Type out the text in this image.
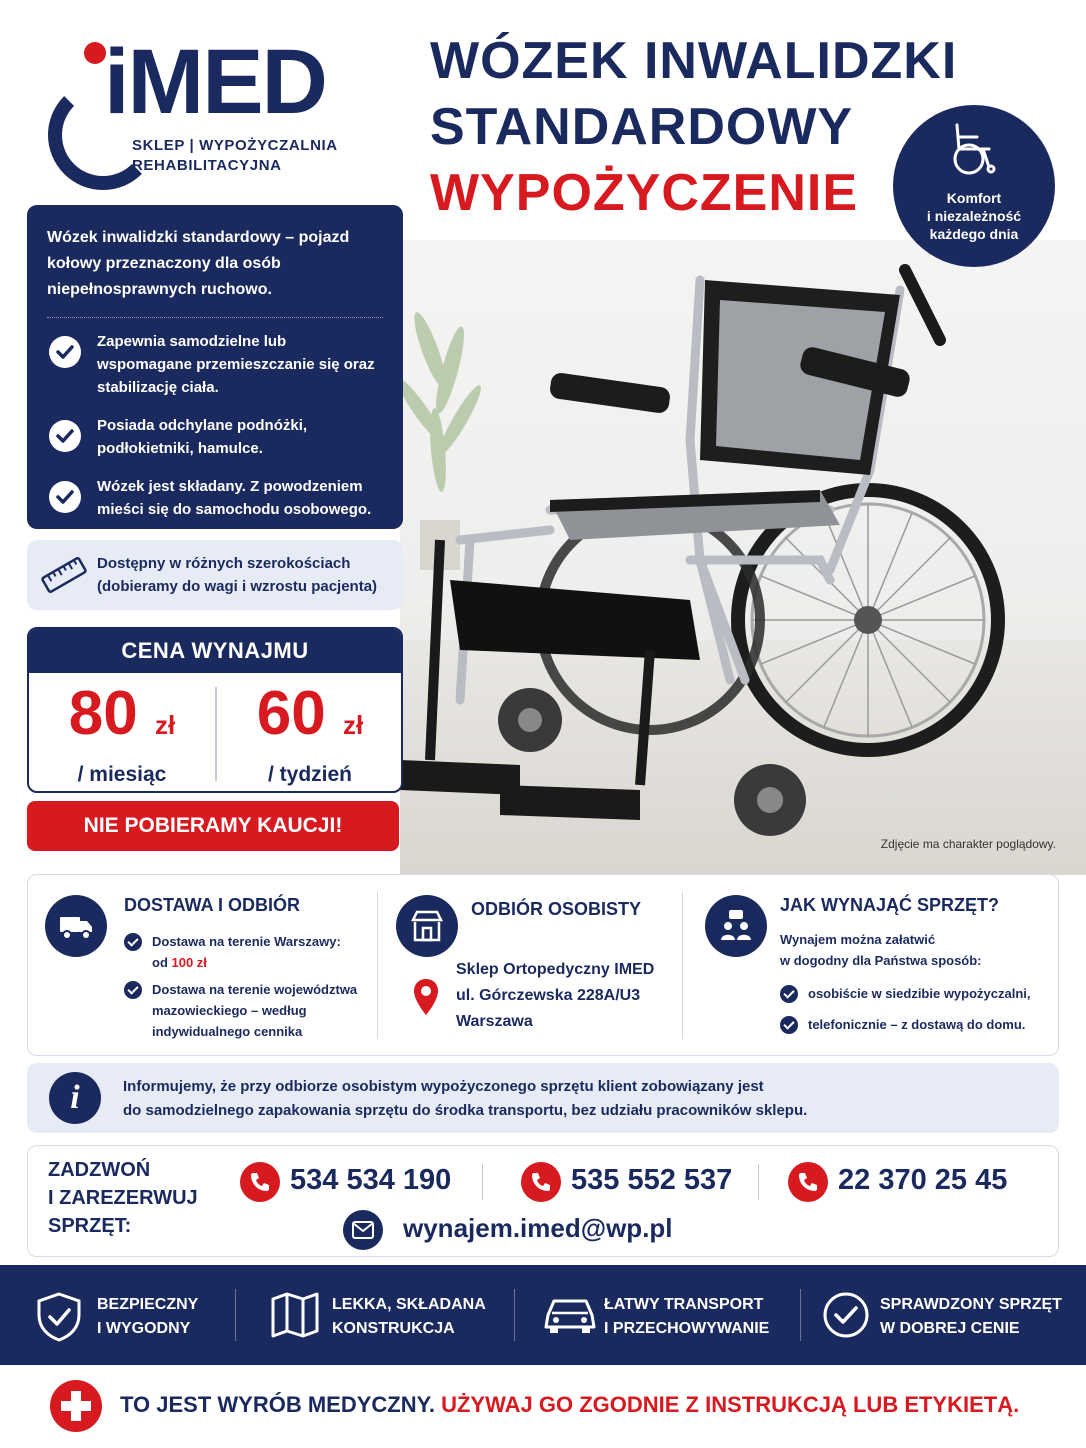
iMED
SKLEP | WYPOŻYCZALNIA
REHABILITACYJNA
WÓZEK INWALIDZKI
STANDARDOWY
WYPOŻYCZENIE
Zdjęcie ma charakter poglądowy.
Komfort
i niezależność
każdego dnia
Wózek inwalidzki standardowy – pojazd kołowy przeznaczony dla osób niepełnosprawnych ruchowo.
Zapewnia samodzielne lub wspomagane przemieszczanie się oraz stabilizację ciała.
Posiada odchylane podnóżki, podłokietniki, hamulce.
Wózek jest składany. Z powodzeniem mieści się do samochodu osobowego.
Dostępny w różnych szerokościach
(dobieramy do wagi i wzrostu pacjenta)
CENA WYNAJMU
80 zł
/ miesiąc
60 zł
/ tydzień
NIE POBIERAMY KAUCJI!
DOSTAWA I ODBIÓR
Dostawa na terenie Warszawy:
od 100 zł
Dostawa na terenie województwa
mazowieckiego – według
indywidualnego cennika
ODBIÓR OSOBISTY
Sklep Ortopedyczny IMED
ul. Górczewska 228A/U3
Warszawa
JAK WYNAJĄĆ SPRZĘT?
Wynajem można załatwić
w dogodny dla Państwa sposób:
osobiście w siedzibie wypożyczalni,
telefonicznie – z dostawą do domu.
i	Informujemy, że przy odbiorze osobistym wypożyczonego sprzętu klient zobowiązany jest
do samodzielnego zapakowania sprzętu do środka transportu, bez udziału pracowników sklepu.
ZADZWOŃ
I ZAREZERWUJ
SPRZĘT:
534 534 190	535 552 537	22 370 25 45
wynajem.imed@wp.pl
BEZPIECZNY
I WYGODNY
LEKKA, SKŁADANA
KONSTRUKCJA
ŁATWY TRANSPORT
I PRZECHOWYWANIE
SPRAWDZONY SPRZĘT
W DOBREJ CENIE
TO JEST WYRÓB MEDYCZNY. UŻYWAJ GO ZGODNIE Z INSTRUKCJĄ LUB ETYKIETĄ.
